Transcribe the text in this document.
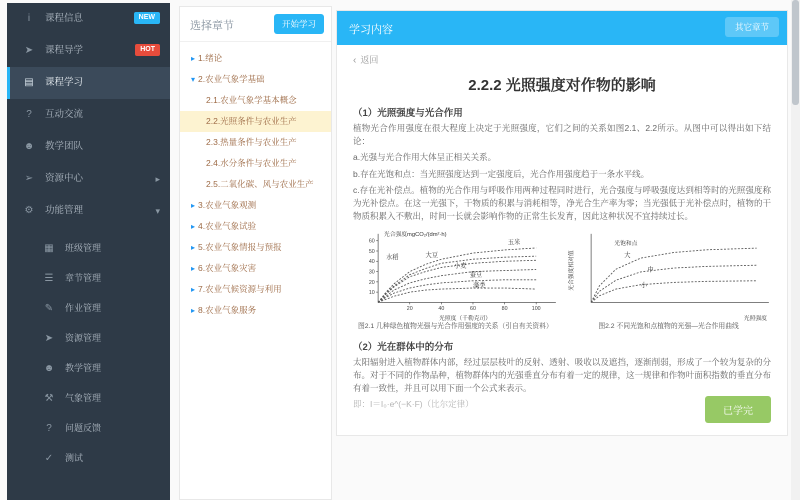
i 课程信息	NEW
➤ 课程导学	HOT
▤ 课程学习
? 互动交流
☻ 教学团队
➢ 资源中心	▸
⚙ 功能管理	▾
▦ 班级管理
☰ 章节管理
✎ 作业管理
➤ 资源管理
☻ 教学管理
⚒ 气象管理
? 问题反馈
✓ 测试
选择章节	开始学习
▸ 1.绪论
▾ 2.农业气象学基础
2.1.农业气象学基本概念
2.2.光照条件与农业生产
2.3.热量条件与农业生产
2.4.水分条件与农业生产
2.5.二氧化碳、风与农业生产
▸ 3.农业气象观测
▸ 4.农业气象试验
▸ 5.农业气象情报与预报
▸ 6.农业气象灾害
▸ 7.农业气候资源与利用
▸ 8.农业气象服务
学习内容	其它章节
‹ 返回
2.2.2 光照强度对作物的影响
（1）光照强度与光合作用

植物光合作用强度在很大程度上决定于光照强度，它们之间的关系如图2.1、2.2所示。从图中可以得出如下结论：

a.光强与光合作用大体呈正相关关系。

b.存在光饱和点：当光照强度达到一定强度后，光合作用强度趋于一条水平线。

c.存在光补偿点。植物的光合作用与呼吸作用两种过程同时进行，光合强度与呼吸强度达到相等时的光照强度称为光补偿点。在这一光强下，干物质的积累与消耗相等，净光合生产率为零；当光强低于光补偿点时，植物的干物质积累入不敷出，时间一长就会影响作物的正常生长发育，因此这种状况不宜持续过长。

20	40	60	80	100
10
20
30
40
50
60	玉米
水稻	大豆
小麦
蚕豆
藻类
光合强度mgCO₂/(dm²·h)
光照度（千勒克司）
图2.1 几种绿色植物光强与光合作用强度的关系（引自有关资料）
大
中
小
光照强度
光合强度相对值
光饱和点
图2.2 不同光饱和点植物的光强—光合作用曲线
（2）光在群体中的分布

太阳辐射进入植物群体内部，经过层层枝叶的反射、透射、吸收以及遮挡，逐渐削弱，形成了一个较为复杂的分布。对于不同的作物品种，植物群体内的光强垂直分布有着一定的规律，这一规律和作物叶面积指数的垂直分布有着一致性，并且可以用下面一个公式来表示。

即：I＝I₀·e^(−K·F)（比尔定律）

已学完
